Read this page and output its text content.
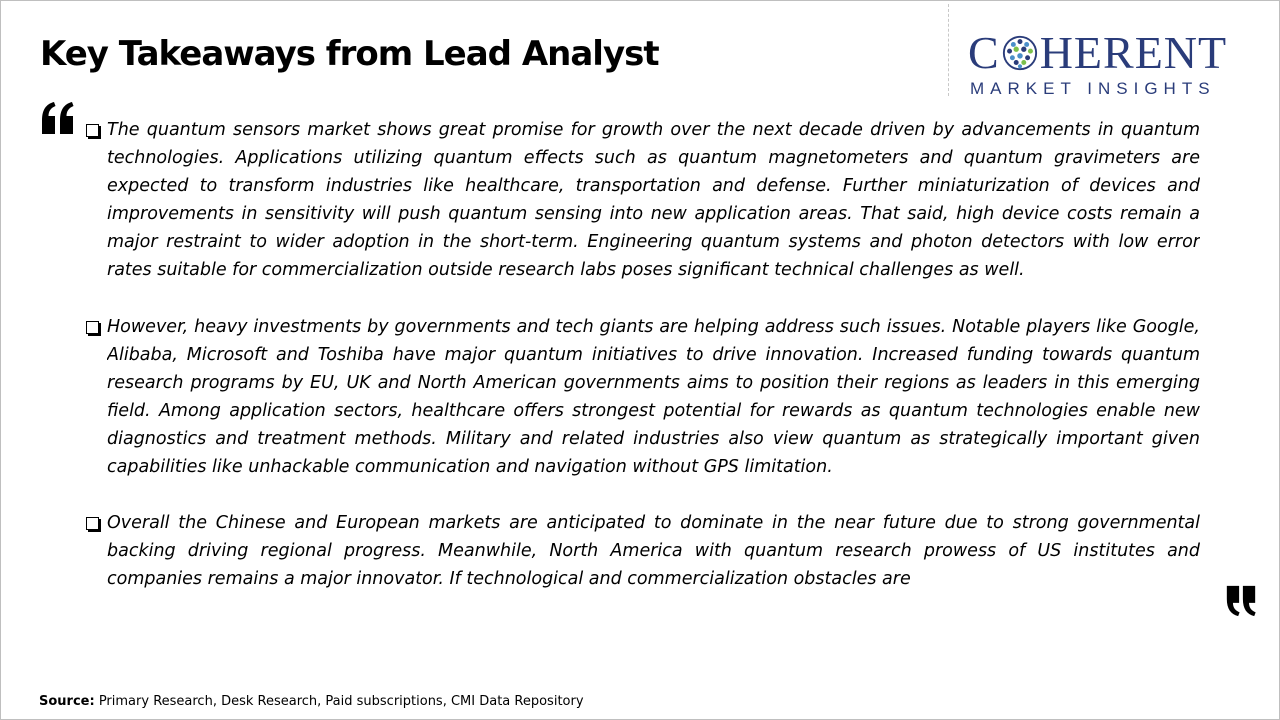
Key Takeaways from Lead Analyst	C HERENT
MARKET INSIGHTS
The quantum sensors market shows great promise for growth over the next decade driven by advancements in quantum technologies. Applications utilizing quantum effects such as quantum magnetometers and quantum gravimeters are expected to transform industries like healthcare, transportation and defense. Further miniaturization of devices and improvements in sensitivity will push quantum sensing into new application areas. That said, high device costs remain a major restraint to wider adoption in the short-term. Engineering quantum systems and photon detectors with low error rates suitable for commercialization outside research labs poses significant technical challenges as well.
However, heavy investments by governments and tech giants are helping address such issues. Notable players like Google, Alibaba, Microsoft and Toshiba have major quantum initiatives to drive innovation. Increased funding towards quantum research programs by EU, UK and North American governments aims to position their regions as leaders in this emerging field. Among application sectors, healthcare offers strongest potential for rewards as quantum technologies enable new diagnostics and treatment methods. Military and related industries also view quantum as strategically important given capabilities like unhackable communication and navigation without GPS limitation.
Overall the Chinese and European markets are anticipated to dominate in the near future due to strong governmental backing driving regional progress. Meanwhile, North America with quantum research prowess of US institutes and companies remains a major innovator. If technological and commercialization obstacles are
Source: Primary Research, Desk Research, Paid subscriptions, CMI Data Repository
